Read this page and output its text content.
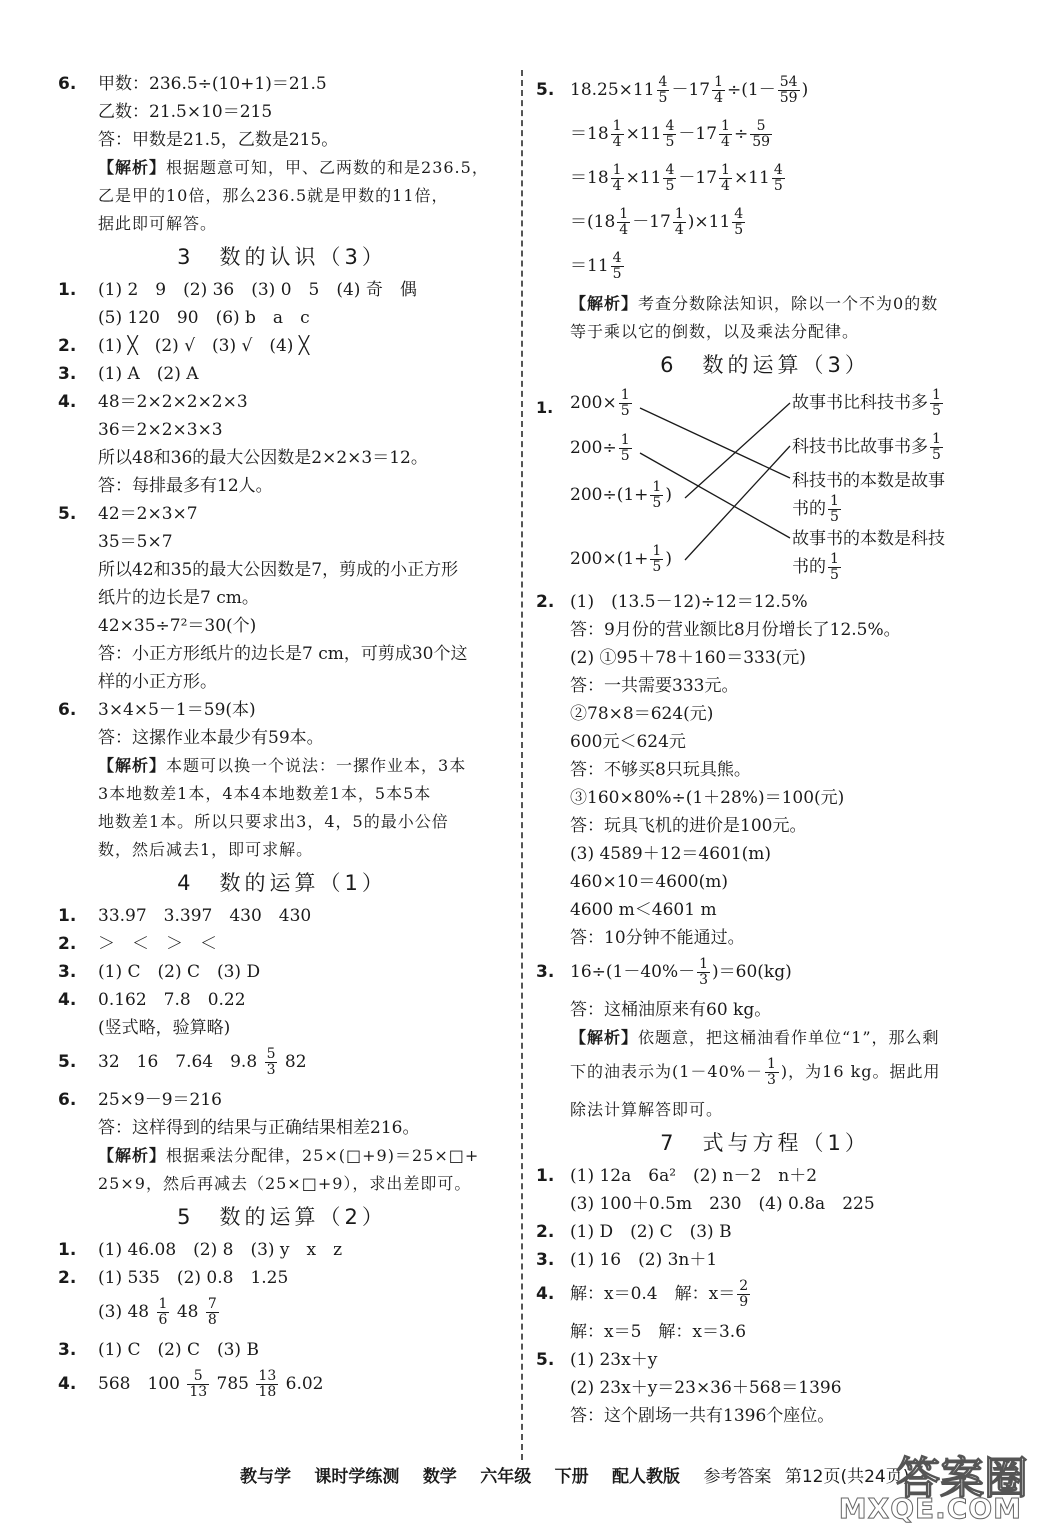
6. 甲数：236.5÷(10+1)＝21.5
乙数：21.5×10＝215
答：甲数是21.5，乙数是215。
【解析】根据题意可知，甲、乙两数的和是236.5，
乙是甲的10倍，那么236.5就是甲数的11倍，
据此即可解答。
3　数的认识（3）
1. (1) 2　9　(2) 36　(3) 0　5　(4) 奇　偶
(5) 120　90　(6) b　a　c
2. (1) ╳　(2) √　(3) √　(4) ╳
3. (1) A　(2) A
4. 48＝2×2×2×2×3
36＝2×2×3×3
所以48和36的最大公因数是2×2×3＝12。
答：每排最多有12人。
5. 42＝2×3×7
35＝5×7
所以42和35的最大公因数是7，剪成的小正方形
纸片的边长是7 cm。
42×35÷7²＝30(个)
答：小正方形纸片的边长是7 cm，可剪成30个这
样的小正方形。
6. 3×4×5－1＝59(本)
答：这摞作业本最少有59本。
【解析】本题可以换一个说法：一摞作业本，3本
3本地数差1本，4本4本地数差1本，5本5本
地数差1本。所以只要求出3，4，5的最小公倍
数，然后减去1，即可求解。
4　数的运算（1）
1. 33.97　3.397　430　430
2. ＞　＜　＞　＜
3. (1) C　(2) C　(3) D
4. 0.162　7.8　0.22
(竖式略，验算略)
5. 32　16　7.64　$9.8 \frac{5}{3} 82$
6. 25×9－9＝216
答：这样得到的结果与正确结果相差216。
【解析】根据乘法分配律，25×(□+9)＝25×□+
25×9，然后再减去（25×□+9），求出差即可。
5　数的运算（2）
1. (1) 46.08　(2) 8　(3) y　x　z
2. (1) 535　(2) 0.8　1.25
(3) $48 \frac{1}{6} 48 \frac{7}{8}$
3. (1) C　(2) C　(3) B
4. 568　$100 \frac{5}{13} 785 \frac{13}{18} 6.02$
5. $18.25\times 11 \frac{4}{5} -17 \frac{1}{4} \div(1- \frac{54}{59}$ )
$=18 \frac{1}{4} \times 11 \frac{4}{5} -17 \frac{1}{4} \div \frac{5}{59}$
$=18 \frac{1}{4} \times 11 \frac{4}{5} -17 \frac{1}{4} \times 11 \frac{4}{5}$
$=(18 \frac{1}{4} -17 \frac{1}{4} )\times 11 \frac{4}{5}$
$=11 \frac{4}{5}$
【解析】考查分数除法知识，除以一个不为0的数
等于乘以它的倒数，以及乘法分配律。
6　数的运算（3）
1. $200\times \frac{1}{5}$
$200\div \frac{1}{5}$
$200\div(1+ \frac{1}{5}$ )
$200\times(1+ \frac{1}{5}$ )
故事书比科技书多 $\frac{1}{5}$
科技书比故事书多 $\frac{1}{5}$
科技书的本数是故事
书的 $\frac{1}{5}$
故事书的本数是科技
书的 $\frac{1}{5}$
2. (1)　(13.5－12)÷12＝12.5%
答：9月份的营业额比8月份增长了12.5%。
(2) ①95＋78＋160＝333(元)
答：一共需要333元。
②78×8＝624(元)
600元＜624元
答：不够买8只玩具熊。
③160×80%÷(1＋28%)＝100(元)
答：玩具飞机的进价是100元。
(3) 4589＋12＝4601(m)
460×10＝4600(m)
4600 m＜4601 m
答：10分钟不能通过。
3. $16\div(1-40\%- \frac{1}{3} )=60(kg)$
答：这桶油原来有60 kg。
【解析】依题意，把这桶油看作单位“1”，那么剩
下的油表示为($1-40\%- \frac{1}{3}$ )，为16 kg。据此用
除法计算解答即可。
7　式与方程（1）
1. (1) 12a　6a²　(2) n－2　n＋2
(3) 100＋0.5m　230　(4) 0.8a　225
2. (1) D　(2) C　(3) B
3. (1) 16　(2) 3n＋1
4. 解：x＝0.4　解：$x= \frac{2}{9}$
解：x＝5　解：x＝3.6
5. (1) 23x＋y
(2) 23x＋y＝23×36＋568＝1396
答：这个剧场一共有1396个座位。
教与学 课时学练测 数学 六年级 下册 配人教版 参考答案 第12页(共24页)
答案圈
MXQE.COM
